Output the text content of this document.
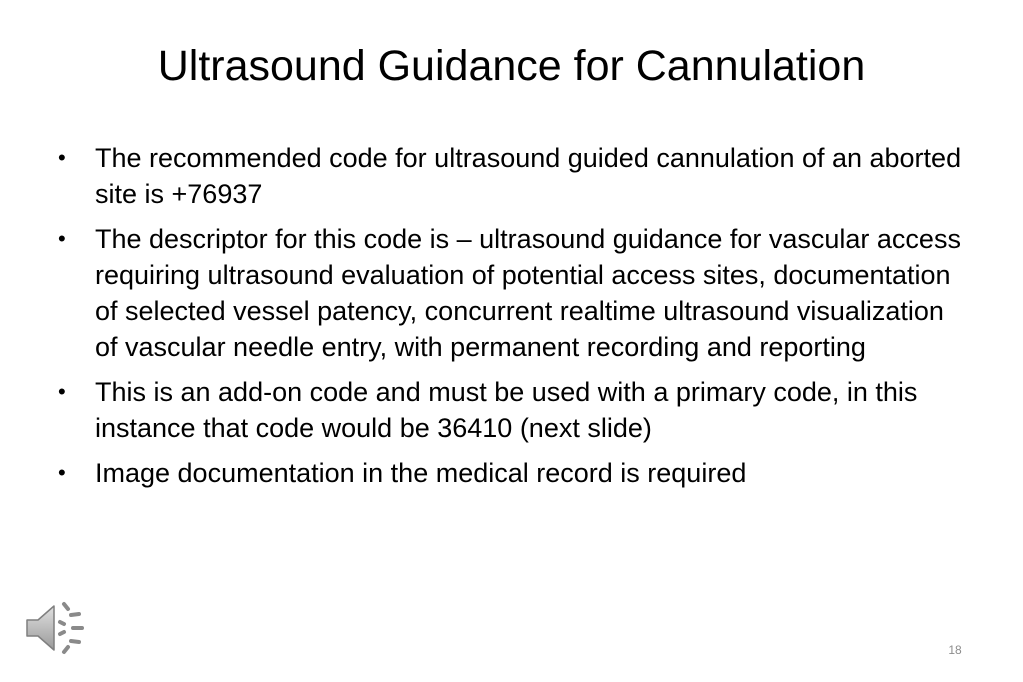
Ultrasound Guidance for Cannulation
•	The recommended code for ultrasound guided cannulation of an aborted site is +76937
•	The descriptor for this code is – ultrasound guidance for vascular access requiring ultrasound evaluation of potential access sites, documentation of selected vessel patency, concurrent realtime ultrasound visualization of vascular needle entry, with permanent recording and reporting
•	This is an add-on code and must be used with a primary code, in this instance that code would be 36410 (next slide)
•	Image documentation in the medical record is required
18
